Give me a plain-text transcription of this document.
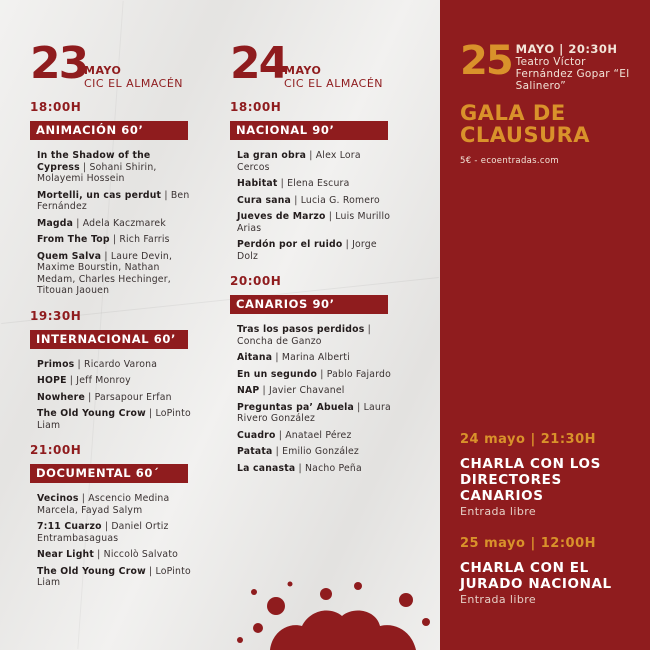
23
MAYO
CIC EL ALMACÉN
18:00H
ANIMACIÓN 60’
In the Shadow of the Cypress | Sohani Shirin, Molayemi Hossein
Mortelli, un cas perdut | Ben Fernández
Magda | Adela Kaczmarek
From The Top | Rich Farris
Quem Salva | Laure Devin, Maxime Bourstin, Nathan Medam, Charles Hechinger, Titouan Jaouen
19:30H
INTERNACIONAL 60’
Primos | Ricardo Varona
HOPE | Jeff Monroy
Nowhere | Parsapour Erfan
The Old Young Crow | LoPinto Liam
21:00H
DOCUMENTAL 60´
Vecinos | Ascencio Medina Marcela, Fayad Salym
7:11 Cuarzo | Daniel Ortiz Entrambasaguas
Near Light | Niccolò Salvato
The Old Young Crow | LoPinto Liam
24
MAYO
CIC EL ALMACÉN
18:00H
NACIONAL 90’
La gran obra | Alex Lora Cercos
Habitat | Elena Escura
Cura sana | Lucia G. Romero
Jueves de Marzo | Luis Murillo Arias
Perdón por el ruido | Jorge Dolz
20:00H
CANARIOS 90’
Tras los pasos perdidos | Concha de Ganzo
Aitana | Marina Alberti
En un segundo | Pablo Fajardo
NAP | Javier Chavanel
Preguntas pa’ Abuela | Laura Rivero González
Cuadro | Anatael Pérez
Patata | Emilio González
La canasta | Nacho Peña
25 MAYO | 20:30H
Teatro Víctor Fernández Gopar “El Salinero”
GALA DE CLAUSURA
5€ - ecoentradas.com
24 mayo | 21:30H
CHARLA CON LOS DIRECTORES CANARIOS
Entrada libre
25 mayo | 12:00H
CHARLA CON EL JURADO NACIONAL
Entrada libre
